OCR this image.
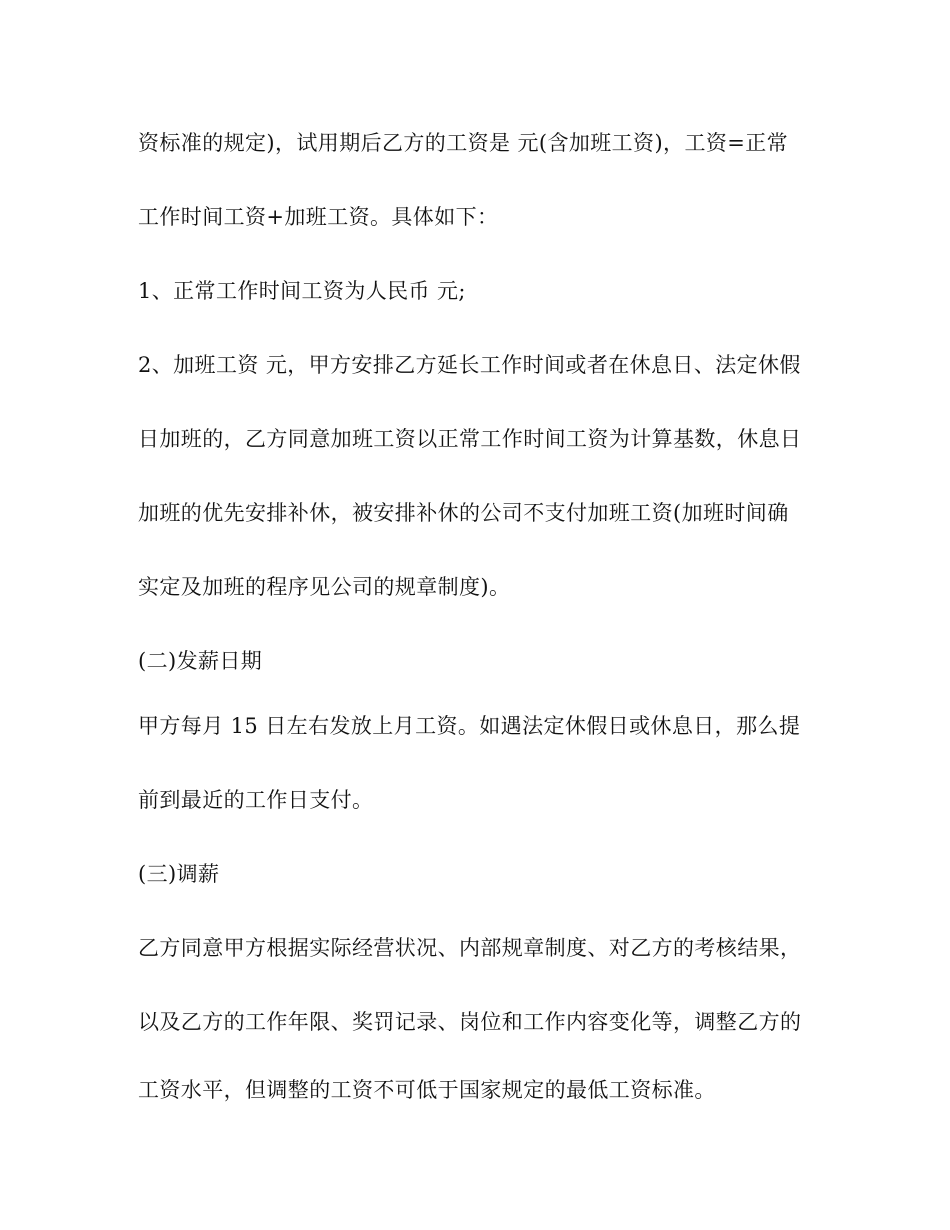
资标准的规定)，试用期后乙方的工资是 元(含加班工资)，工资=正常
工作时间工资+加班工资。具体如下：
1、正常工作时间工资为人民币 元;
2、加班工资 元，甲方安排乙方延长工作时间或者在休息日、法定休假
日加班的，乙方同意加班工资以正常工作时间工资为计算基数，休息日
加班的优先安排补休，被安排补休的公司不支付加班工资(加班时间确
实定及加班的程序见公司的规章制度)。
(二)发薪日期
甲方每月 15 日左右发放上月工资。如遇法定休假日或休息日，那么提
前到最近的工作日支付。
(三)调薪
乙方同意甲方根据实际经营状况、内部规章制度、对乙方的考核结果，
以及乙方的工作年限、奖罚记录、岗位和工作内容变化等，调整乙方的
工资水平，但调整的工资不可低于国家规定的最低工资标准。
